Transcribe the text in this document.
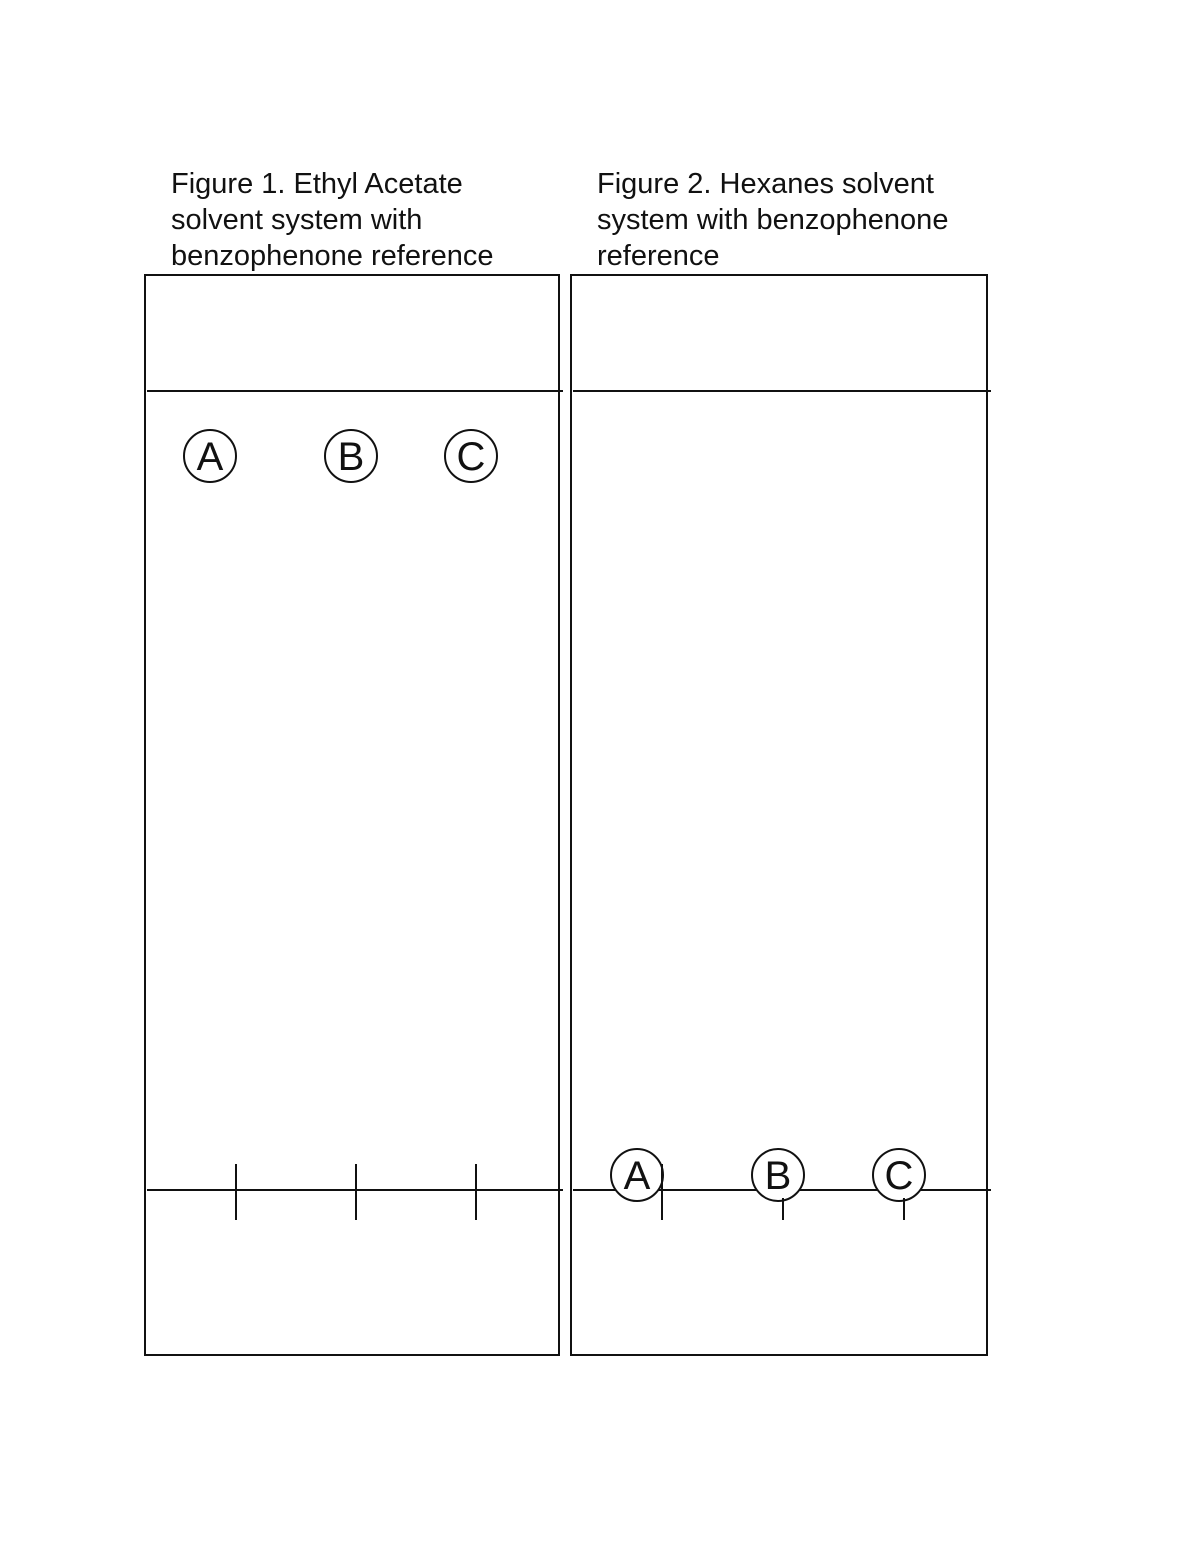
Figure 1. Ethyl Acetate solvent system with benzophenone reference
Figure 2. Hexanes solvent system with benzophenone reference
A	B C
A	B C
